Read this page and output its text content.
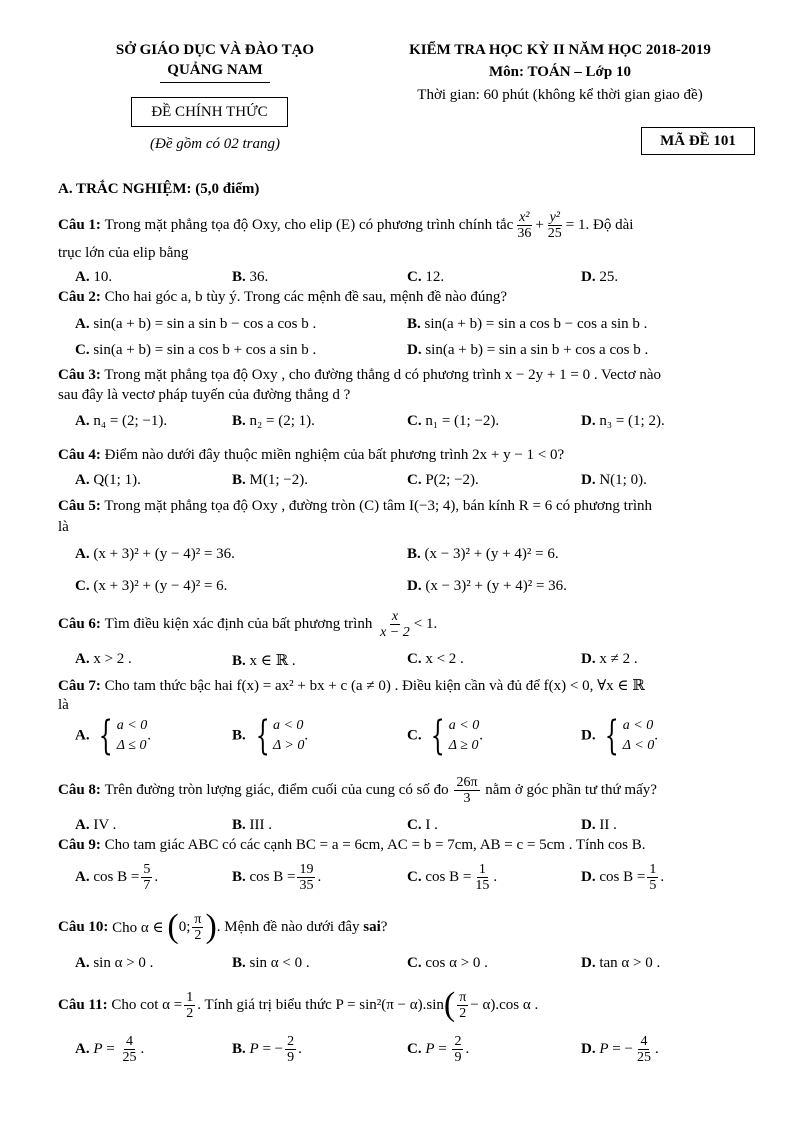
SỞ GIÁO DỤC VÀ ĐÀO TẠO
QUẢNG NAM
ĐỀ CHÍNH THỨC
(Đề gồm có 02 trang)
KIỂM TRA HỌC KỲ II NĂM HỌC 2018-2019
Môn: TOÁN – Lớp 10
Thời gian: 60 phút (không kể thời gian giao đề)
MÃ ĐỀ 101
A. TRẮC NGHIỆM: (5,0 điểm)
Câu 1:
Trong mặt phẳng tọa độ Oxy, cho elip (E) có phương trình chính tắc $\frac{\text{x²}}{36} + \frac{\text{y²}}{25} = 1$. Độ dài
trục lớn của elip bằng
A. 10.	B. 36.	C. 12.	D. 25.
Câu 2: Cho hai góc a, b tùy ý. Trong các mệnh đề sau, mệnh đề nào đúng?
A. sin(a + b) = sin a sin b − cos a cos b .	B. sin(a + b) = sin a cos b − cos a sin b .
C. sin(a + b) = sin a cos b + cos a sin b .	D. sin(a + b) = sin a sin b + cos a cos b .
Câu 3: Trong mặt phẳng tọa độ Oxy , cho đường thẳng d có phương trình x − 2y + 1 = 0 . Vectơ nào
sau đây là vectơ pháp tuyến của đường thẳng d ?
A. n₄ = (2; −1).	B. n₂ = (2; 1).	C. n₁ = (1; −2).	D. n₃ = (1; 2).
Câu 4: Điểm nào dưới đây thuộc miền nghiệm của bất phương trình 2x + y − 1 < 0?
A. Q(1; 1).	B. M(1; −2).	C. P(2; −2).	D. N(1; 0).
Câu 5: Trong mặt phẳng tọa độ Oxy , đường tròn (C) tâm I(−3; 4), bán kính R = 6 có phương trình
là
A. (x + 3)² + (y − 4)² = 36.	B. (x − 3)² + (y + 4)² = 6.
C. (x + 3)² + (y − 4)² = 6.	D. (x − 3)² + (y + 4)² = 36.
Câu 6:
Tìm điều kiện xác định của bất phương trình
$\frac{x}{x - 2} < 1$.
A. x > 2 .	B. x ∈ ℝ .	C. x < 2 .	D. x ≠ 2 .
Câu 7: Cho tam thức bậc hai f(x) = ax² + bx + c (a ≠ 0) . Điều kiện cần và đủ để f(x) < 0, ∀x ∈ ℝ
là
A. { a < 0
Δ ≤ 0
.	B. { a < 0
Δ > 0
.	C. { a < 0
Δ ≥ 0
.	D. { a < 0
Δ < 0
.
Câu 8:
Trên đường tròn lượng giác, điểm cuối của cung có số đo
$\frac{26\pi}{3}$
nằm ở góc phần tư thứ mấy?
A. IV .	B. III .	C. I .	D. II .
Câu 9: Cho tam giác ABC có các cạnh BC = a = 6cm, AC = b = 7cm, AB = c = 5cm . Tính cos B.
A.
$\cos B = \frac{5}{7}$ .	B.
$\cos B = \frac{19}{35}$ .	C.
$\cos B = \frac{1}{15}$ .	D.
$\cos B = \frac{1}{5}$ .
Câu 10:
Cho α ∈
( 0; $\frac{\pi}{2}$ ) . Mệnh đề nào dưới đây
sai ?
A. sin α > 0 .	B. sin α < 0 .	C. cos α > 0 .	D. tan α > 0 .
Câu 11:
Cho $\cot \alpha = \frac{1}{2}$ . Tính giá trị biểu thức P = sin²(π − α).sin ( $\frac{\pi}{2} - \alpha).\cos$ α .
A.
$P = \frac{4}{25}$ .	B.
P = − $\frac{2}{9}$ .	C.
$P = \frac{2}{9}$ .	D.
P = − $\frac{4}{25}$ .
